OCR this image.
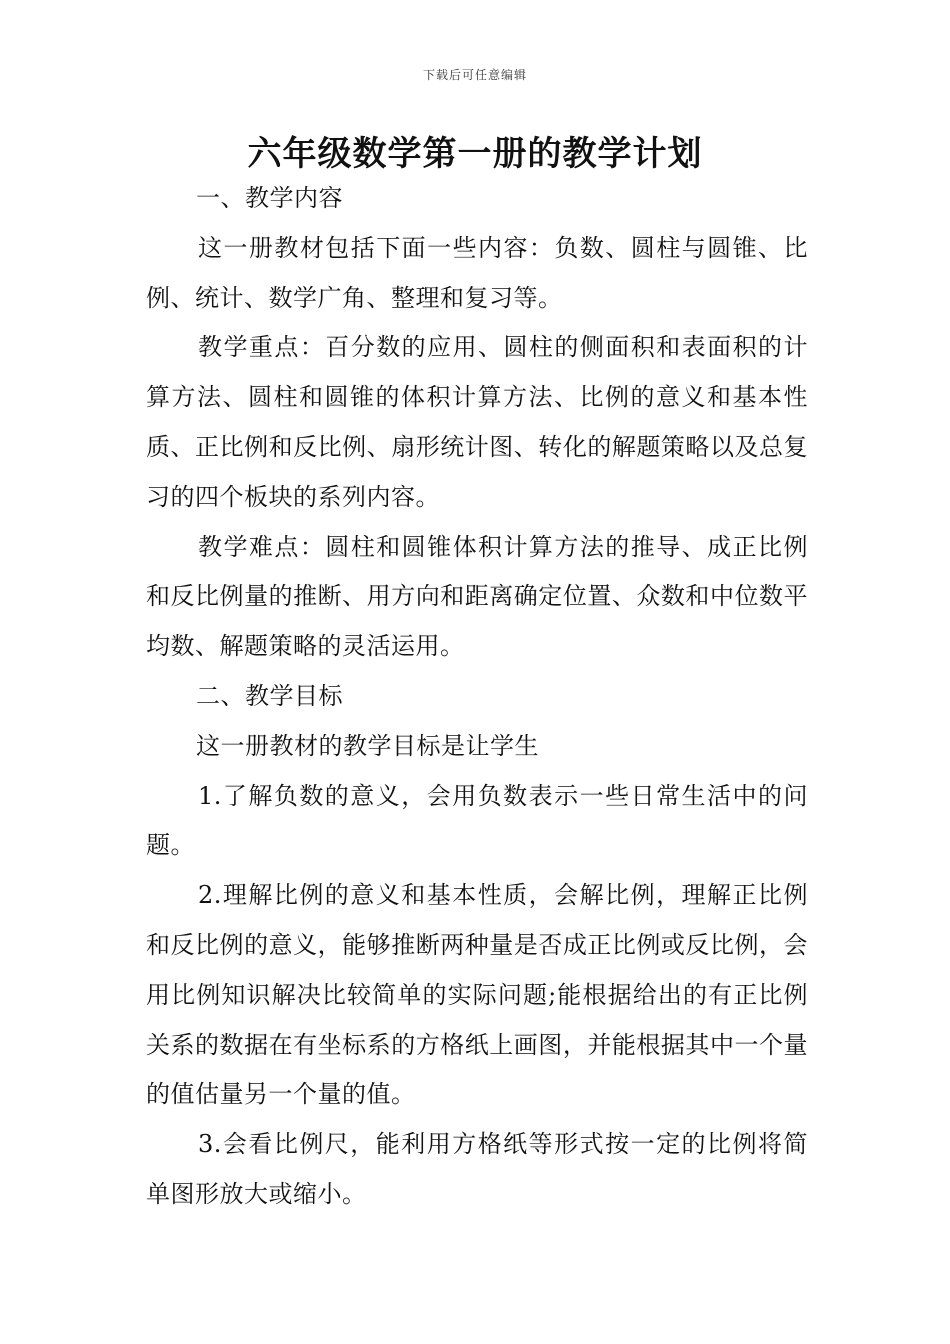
下载后可任意编辑
六年级数学第一册的教学计划

一、教学内容

这一册教材包括下面一些内容：负数、圆柱与圆锥、比例、统计、数学广角、整理和复习等。

教学重点：百分数的应用、圆柱的侧面积和表面积的计算方法、圆柱和圆锥的体积计算方法、比例的意义和基本性质、正比例和反比例、扇形统计图、转化的解题策略以及总复习的四个板块的系列内容。

教学难点：圆柱和圆锥体积计算方法的推导、成正比例和反比例量的推断、用方向和距离确定位置、众数和中位数平均数、解题策略的灵活运用。

二、教学目标

这一册教材的教学目标是让学生

1.了解负数的意义，会用负数表示一些日常生活中的问题。

2.理解比例的意义和基本性质，会解比例，理解正比例和反比例的意义，能够推断两种量是否成正比例或反比例，会用比例知识解决比较简单的实际问题;能根据给出的有正比例关系的数据在有坐标系的方格纸上画图，并能根据其中一个量的值估量另一个量的值。

3.会看比例尺，能利用方格纸等形式按一定的比例将简单图形放大或缩小。
